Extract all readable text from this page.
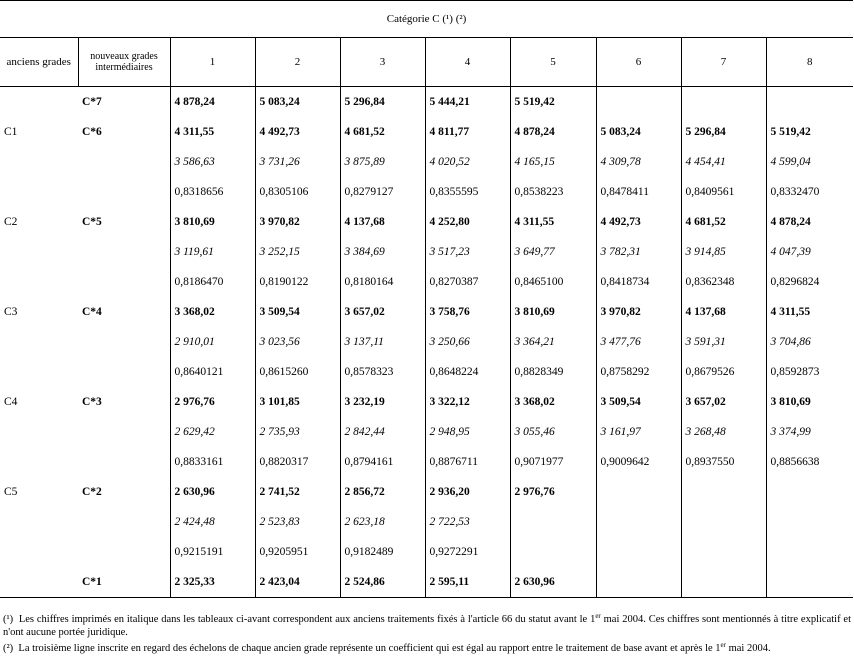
Catégorie C (¹) (²)									
anciens grades	nouveaux grades intermédiaires	1	2	3	4	5	6	7	8
	C*7	4 878,24	5 083,24	5 296,84	5 444,21	5 519,42			
C1	C*6	4 311,55	4 492,73	4 681,52	4 811,77	4 878,24	5 083,24	5 296,84	5 519,42
		3 586,63	3 731,26	3 875,89	4 020,52	4 165,15	4 309,78	4 454,41	4 599,04
		0,8318656	0,8305106	0,8279127	0,8355595	0,8538223	0,8478411	0,8409561	0,8332470
C2	C*5	3 810,69	3 970,82	4 137,68	4 252,80	4 311,55	4 492,73	4 681,52	4 878,24
		3 119,61	3 252,15	3 384,69	3 517,23	3 649,77	3 782,31	3 914,85	4 047,39
		0,8186470	0,8190122	0,8180164	0,8270387	0,8465100	0,8418734	0,8362348	0,8296824
C3	C*4	3 368,02	3 509,54	3 657,02	3 758,76	3 810,69	3 970,82	4 137,68	4 311,55
		2 910,01	3 023,56	3 137,11	3 250,66	3 364,21	3 477,76	3 591,31	3 704,86
		0,8640121	0,8615260	0,8578323	0,8648224	0,8828349	0,8758292	0,8679526	0,8592873
C4	C*3	2 976,76	3 101,85	3 232,19	3 322,12	3 368,02	3 509,54	3 657,02	3 810,69
		2 629,42	2 735,93	2 842,44	2 948,95	3 055,46	3 161,97	3 268,48	3 374,99
		0,8833161	0,8820317	0,8794161	0,8876711	0,9071977	0,9009642	0,8937550	0,8856638
C5	C*2	2 630,96	2 741,52	2 856,72	2 936,20	2 976,76			
		2 424,48	2 523,83	2 623,18	2 722,53				
		0,9215191	0,9205951	0,9182489	0,9272291				
	C*1	2 325,33	2 423,04	2 524,86	2 595,11	2 630,96			

(¹) Les chiffres imprimés en italique dans les tableaux ci-avant correspondent aux anciens traitements fixés à l'article 66 du statut avant le 1er mai 2004. Ces chiffres sont mentionnés à titre explicatif et n'ont aucune portée juridique.

(²) La troisième ligne inscrite en regard des échelons de chaque ancien grade représente un coefficient qui est égal au rapport entre le traitement de base avant et après le 1er mai 2004.
